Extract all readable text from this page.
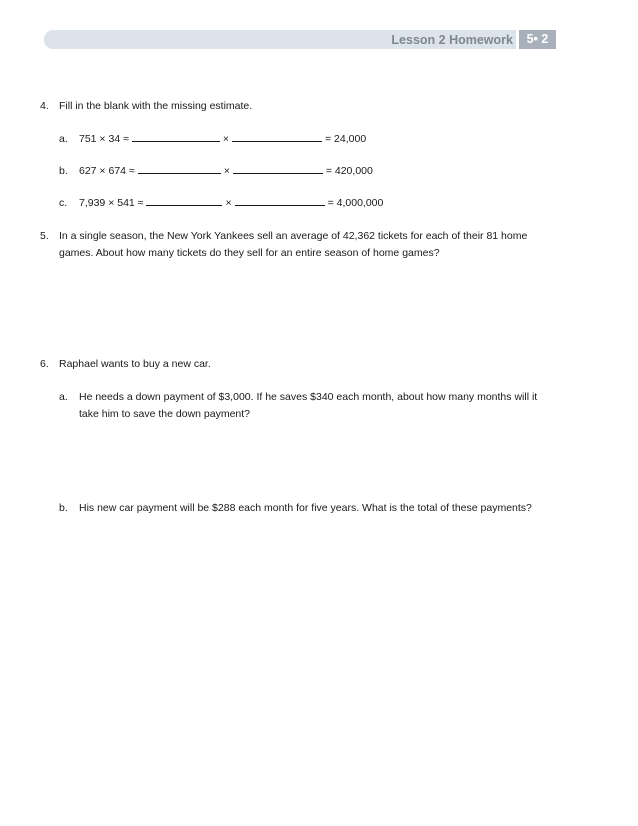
Lesson 2 Homework	5• 2
4. Fill in the blank with the missing estimate.
a. 751 × 34 ≈	×	= 24,000
b. 627 × 674 ≈	×	= 420,000
c. 7,939 × 541 ≈	×	= 4,000,000
5. In a single season, the New York Yankees sell an average of 42,362 tickets for each of their 81 home
games. About how many tickets do they sell for an entire season of home games?
6. Raphael wants to buy a new car.
a. He needs a down payment of $3,000. If he saves $340 each month, about how many months will it
take him to save the down payment?
b. His new car payment will be $288 each month for five years. What is the total of these payments?
